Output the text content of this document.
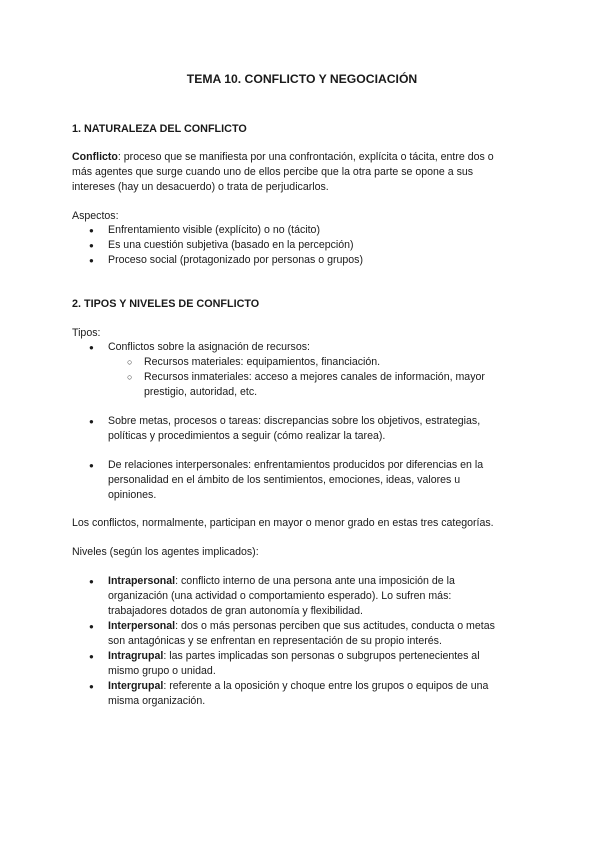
TEMA 10. CONFLICTO Y NEGOCIACIÓN
1. NATURALEZA DEL CONFLICTO
Conflicto: proceso que se manifiesta por una confrontación, explícita o tácita, entre dos o
más agentes que surge cuando uno de ellos percibe que la otra parte se opone a sus
intereses (hay un desacuerdo) o trata de perjudicarlos.
Aspectos:
● Enfrentamiento visible (explícito) o no (tácito)
● Es una cuestión subjetiva (basado en la percepción)
● Proceso social (protagonizado por personas o grupos)
2. TIPOS Y NIVELES DE CONFLICTO
Tipos:
● Conflictos sobre la asignación de recursos:
○ Recursos materiales: equipamientos, financiación.
○ Recursos inmateriales: acceso a mejores canales de información, mayor
prestigio, autoridad, etc.
● Sobre metas, procesos o tareas: discrepancias sobre los objetivos, estrategias,
políticas y procedimientos a seguir (cómo realizar la tarea).
● De relaciones interpersonales: enfrentamientos producidos por diferencias en la
personalidad en el ámbito de los sentimientos, emociones, ideas, valores u
opiniones.
Los conflictos, normalmente, participan en mayor o menor grado en estas tres categorías.
Niveles (según los agentes implicados):
● Intrapersonal: conflicto interno de una persona ante una imposición de la
organización (una actividad o comportamiento esperado). Lo sufren más:
trabajadores dotados de gran autonomía y flexibilidad.
● Interpersonal: dos o más personas perciben que sus actitudes, conducta o metas
son antagónicas y se enfrentan en representación de su propio interés.
● Intragrupal: las partes implicadas son personas o subgrupos pertenecientes al
mismo grupo o unidad.
● Intergrupal: referente a la oposición y choque entre los grupos o equipos de una
misma organización.
